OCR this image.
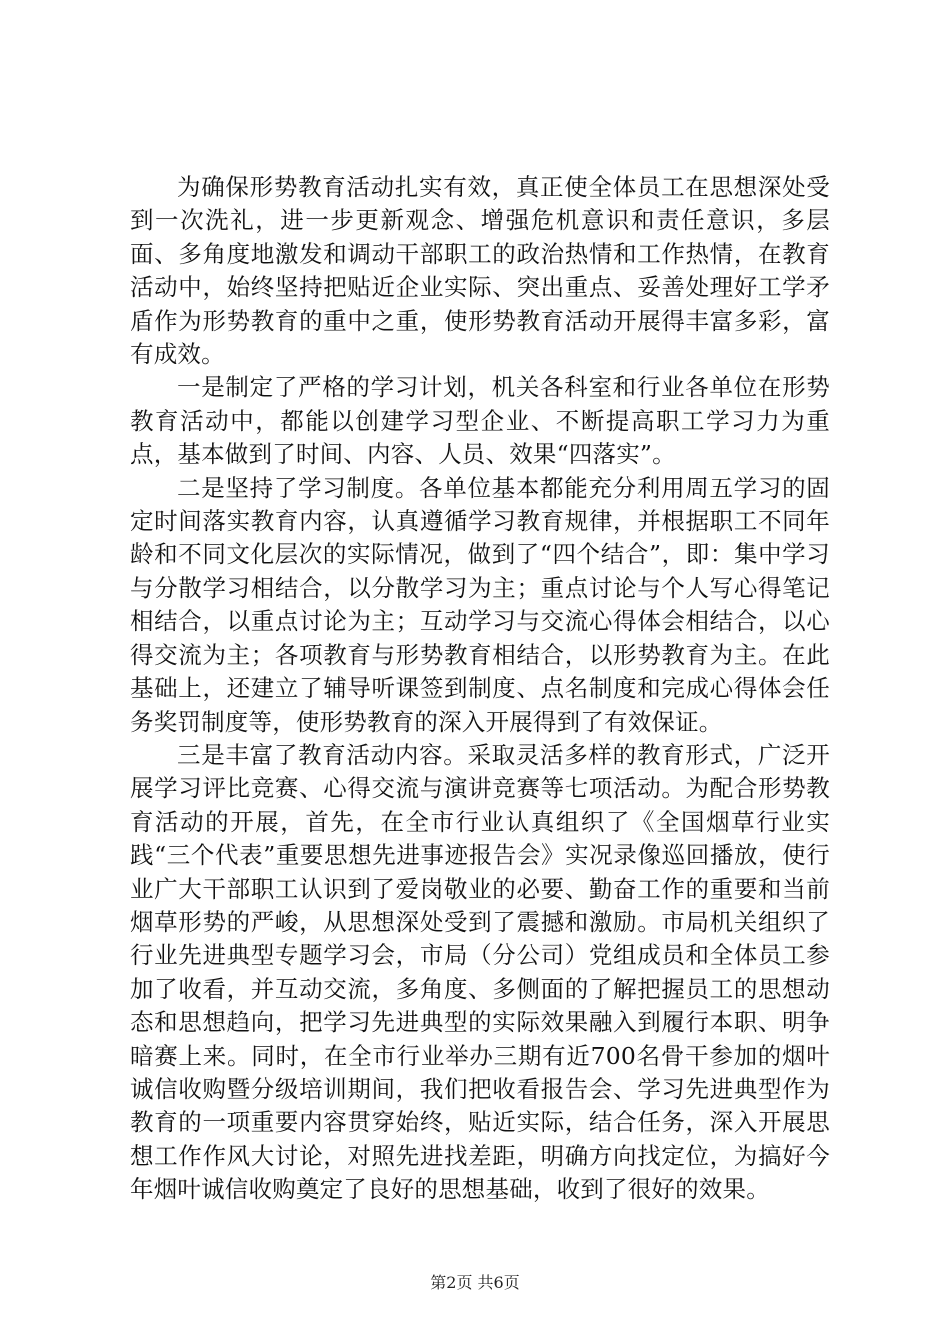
为确保形势教育活动扎实有效，真正使全体员工在思想深处受到一次洗礼，进一步更新观念、增强危机意识和责任意识，多层面、多角度地激发和调动干部职工的政治热情和工作热情，在教育活动中，始终坚持把贴近企业实际、突出重点、妥善处理好工学矛盾作为形势教育的重中之重，使形势教育活动开展得丰富多彩，富有成效。

一是制定了严格的学习计划，机关各科室和行业各单位在形势教育活动中，都能以创建学习型企业、不断提高职工学习力为重点，基本做到了时间、内容、人员、效果“四落实”。

二是坚持了学习制度。各单位基本都能充分利用周五学习的固定时间落实教育内容，认真遵循学习教育规律，并根据职工不同年龄和不同文化层次的实际情况，做到了“四个结合”，即：集中学习与分散学习相结合，以分散学习为主；重点讨论与个人写心得笔记相结合，以重点讨论为主；互动学习与交流心得体会相结合，以心得交流为主；各项教育与形势教育相结合，以形势教育为主。在此基础上，还建立了辅导听课签到制度、点名制度和完成心得体会任务奖罚制度等，使形势教育的深入开展得到了有效保证。

三是丰富了教育活动内容。采取灵活多样的教育形式，广泛开展学习评比竞赛、心得交流与演讲竞赛等七项活动。为配合形势教育活动的开展，首先，在全市行业认真组织了《全国烟草行业实践“三个代表”重要思想先进事迹报告会》实况录像巡回播放，使行业广大干部职工认识到了爱岗敬业的必要、勤奋工作的重要和当前烟草形势的严峻，从思想深处受到了震撼和激励。市局机关组织了行业先进典型专题学习会，市局（分公司）党组成员和全体员工参加了收看，并互动交流，多角度、多侧面的了解把握员工的思想动态和思想趋向，把学习先进典型的实际效果融入到履行本职、明争暗赛上来。同时，在全市行业举办三期有近700名骨干参加的烟叶诚信收购暨分级培训期间，我们把收看报告会、学习先进典型作为教育的一项重要内容贯穿始终，贴近实际，结合任务，深入开展思想工作作风大讨论，对照先进找差距，明确方向找定位，为搞好今年烟叶诚信收购奠定了良好的思想基础，收到了很好的效果。

第2页 共6页
